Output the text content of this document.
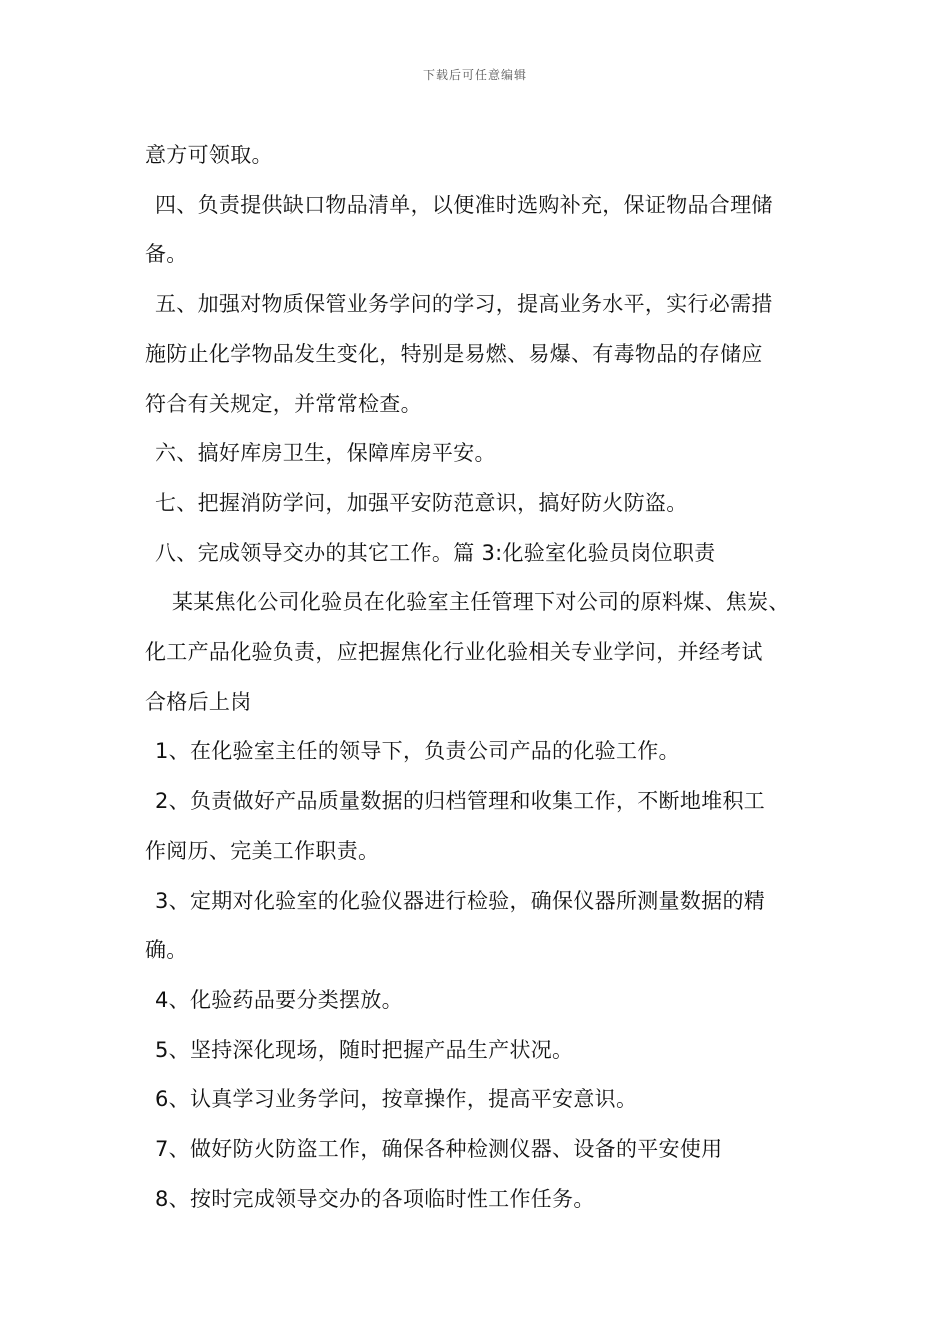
下载后可任意编辑

意方可领取。

四、负责提供缺口物品清单，以便准时选购补充，保证物品合理储

备。

五、加强对物质保管业务学问的学习，提高业务水平，实行必需措

施防止化学物品发生变化，特别是易燃、易爆、有毒物品的存储应

符合有关规定，并常常检查。

六、搞好库房卫生，保障库房平安。

七、把握消防学问，加强平安防范意识，搞好防火防盗。

八、完成领导交办的其它工作。篇 3:化验室化验员岗位职责

某某焦化公司化验员在化验室主任管理下对公司的原料煤、焦炭、

化工产品化验负责，应把握焦化行业化验相关专业学问，并经考试

合格后上岗

1、在化验室主任的领导下，负责公司产品的化验工作。

2、负责做好产品质量数据的归档管理和收集工作，不断地堆积工

作阅历、完美工作职责。

3、定期对化验室的化验仪器进行检验，确保仪器所测量数据的精

确。

4、化验药品要分类摆放。

5、坚持深化现场，随时把握产品生产状况。

6、认真学习业务学问，按章操作，提高平安意识。

7、做好防火防盗工作，确保各种检测仪器、设备的平安使用

8、按时完成领导交办的各项临时性工作任务。
